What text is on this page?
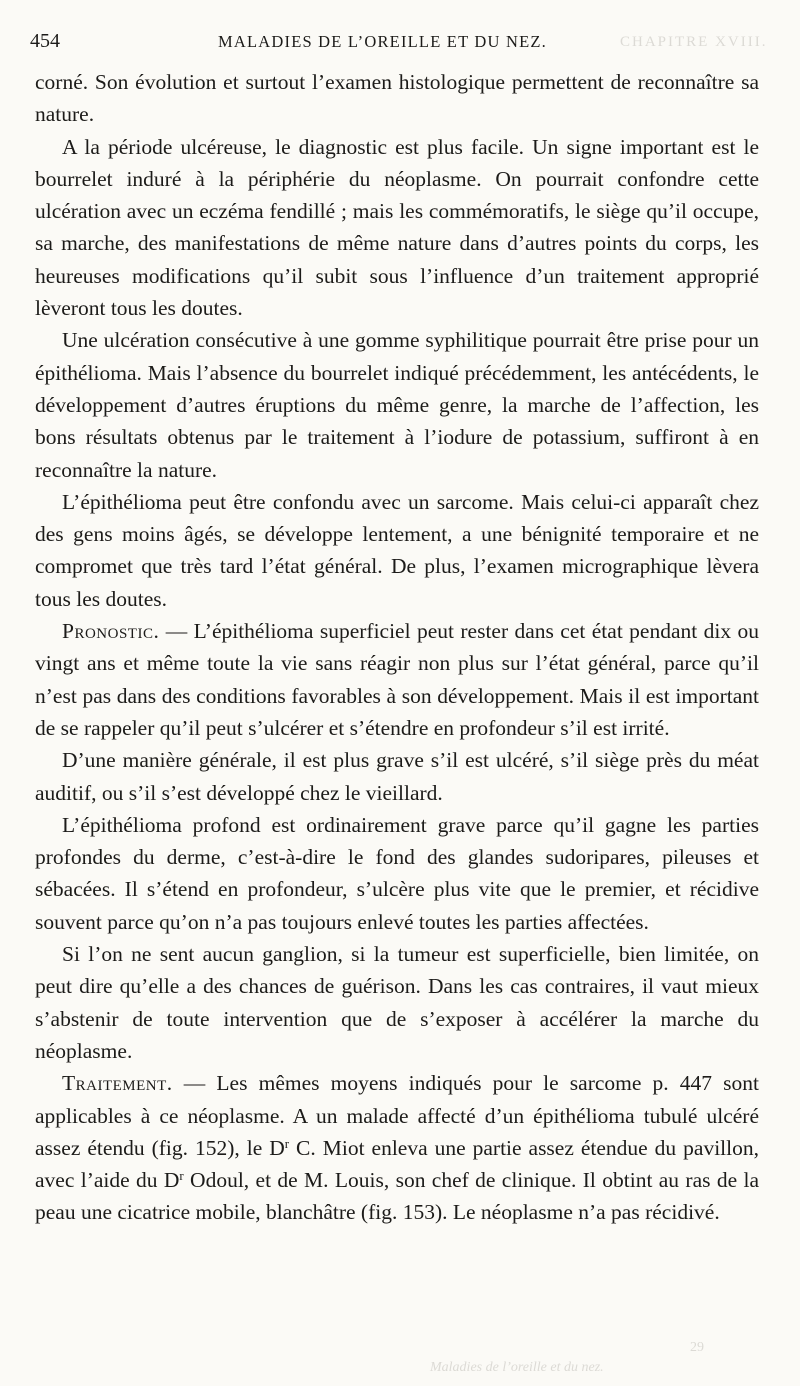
CHAPITRE XVIII.
29
Maladies de l’oreille et du nez.
454	MALADIES DE L’OREILLE ET DU NEZ.

corné. Son évolution et surtout l’examen histologique permettent de reconnaître sa nature.

A la période ulcéreuse, le diagnostic est plus facile. Un signe important est le bourrelet induré à la périphérie du néoplasme. On pourrait confondre cette ulcération avec un eczéma fendillé ; mais les commémoratifs, le siège qu’il occupe, sa marche, des manifestations de même nature dans d’autres points du corps, les heureuses modifications qu’il subit sous l’influence d’un traitement approprié lèveront tous les doutes.

Une ulcération consécutive à une gomme syphilitique pourrait être prise pour un épithélioma. Mais l’absence du bourrelet indiqué précédemment, les antécédents, le développement d’autres éruptions du même genre, la marche de l’affection, les bons résultats obtenus par le traitement à l’iodure de potassium, suffiront à en reconnaître la nature.

L’épithélioma peut être confondu avec un sarcome. Mais celui-ci apparaît chez des gens moins âgés, se développe lentement, a une bénignité temporaire et ne compromet que très tard l’état général. De plus, l’examen micrographique lèvera tous les doutes.

Pronostic. — L’épithélioma superficiel peut rester dans cet état pendant dix ou vingt ans et même toute la vie sans réagir non plus sur l’état général, parce qu’il n’est pas dans des conditions favorables à son développement. Mais il est important de se rappeler qu’il peut s’ulcérer et s’étendre en profondeur s’il est irrité.

D’une manière générale, il est plus grave s’il est ulcéré, s’il siège près du méat auditif, ou s’il s’est développé chez le vieillard.

L’épithélioma profond est ordinairement grave parce qu’il gagne les parties profondes du derme, c’est-à-dire le fond des glandes sudoripares, pileuses et sébacées. Il s’étend en profondeur, s’ulcère plus vite que le premier, et récidive souvent parce qu’on n’a pas toujours enlevé toutes les parties affectées.

Si l’on ne sent aucun ganglion, si la tumeur est superficielle, bien limitée, on peut dire qu’elle a des chances de guérison. Dans les cas contraires, il vaut mieux s’abstenir de toute intervention que de s’exposer à accélérer la marche du néoplasme.

Traitement. — Les mêmes moyens indiqués pour le sarcome p. 447 sont applicables à ce néoplasme. A un malade affecté d’un épithélioma tubulé ulcéré assez étendu (fig. 152), le $D^r$ C. Miot enleva une partie assez étendue du pavillon, avec l’aide du $D^r$ Odoul, et de M. Louis, son chef de clinique. Il obtint au ras de la peau une cicatrice mobile, blanchâtre (fig. 153). Le néoplasme n’a pas récidivé.
